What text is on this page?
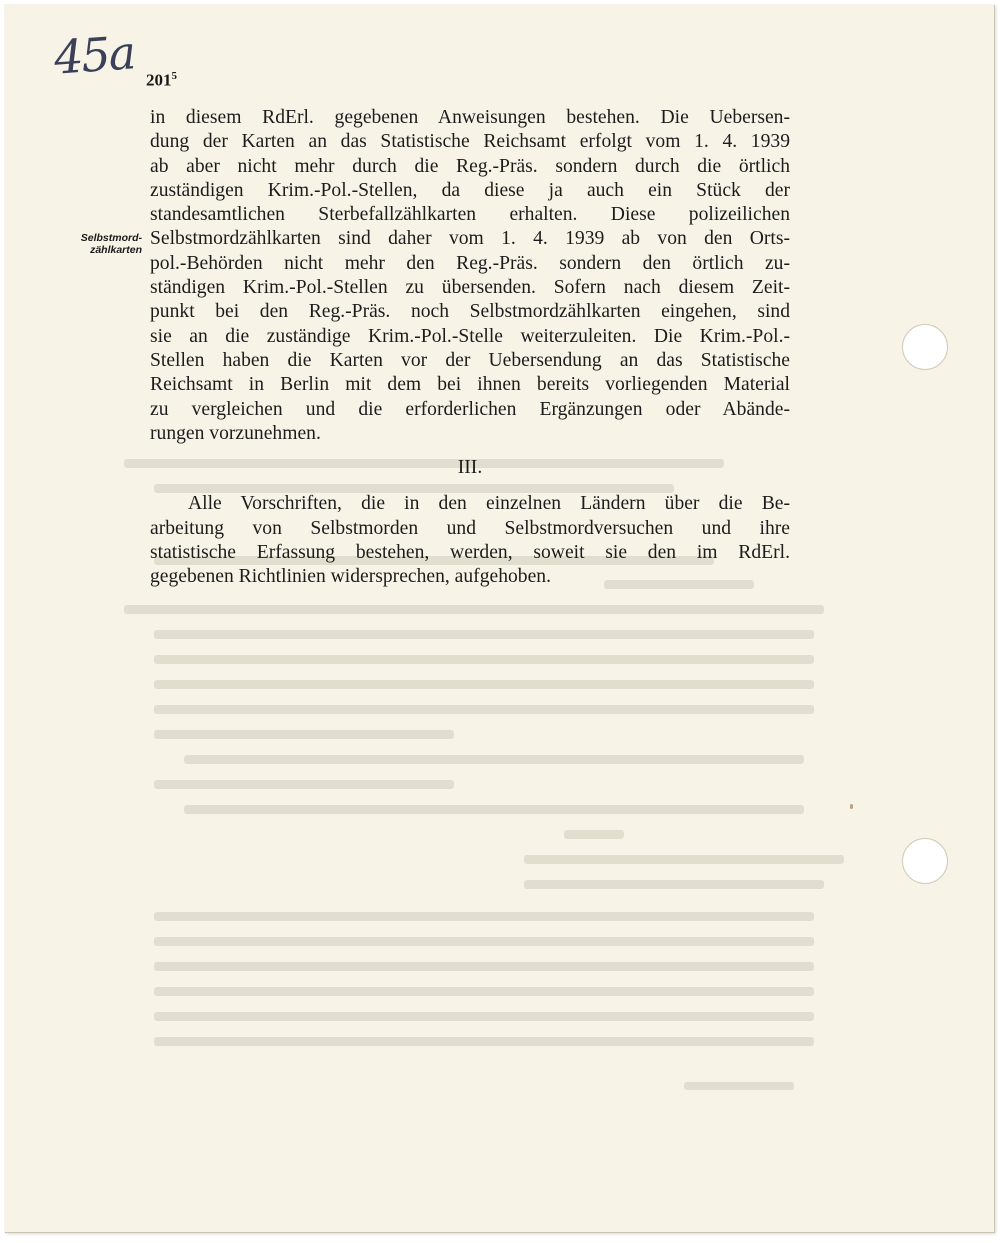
45a $201^5$
Selbstmord-
zählkarten

in diesem RdErl. gegebenen Anweisungen bestehen. Die Uebersen-
dung der Karten an das Statistische Reichsamt erfolgt vom 1. 4. 1939
ab aber nicht mehr durch die Reg.-Präs. sondern durch die örtlich
zuständigen Krim.-Pol.-Stellen, da diese ja auch ein Stück der
standesamtlichen Sterbefallzählkarten erhalten. Diese polizeilichen
Selbstmordzählkarten sind daher vom 1. 4. 1939 ab von den Orts-
pol.-Behörden nicht mehr den Reg.-Präs. sondern den örtlich zu-
ständigen Krim.-Pol.-Stellen zu übersenden. Sofern nach diesem Zeit-
punkt bei den Reg.-Präs. noch Selbstmordzählkarten eingehen, sind
sie an die zuständige Krim.-Pol.-Stelle weiterzuleiten. Die Krim.-Pol.-
Stellen haben die Karten vor der Uebersendung an das Statistische
Reichsamt in Berlin mit dem bei ihnen bereits vorliegenden Material
zu vergleichen und die erforderlichen Ergänzungen oder Abände-
rungen vorzunehmen.

III.

Alle Vorschriften, die in den einzelnen Ländern über die Be-
arbeitung von Selbstmorden und Selbstmordversuchen und ihre
statistische Erfassung bestehen, werden, soweit sie den im RdErl.
gegebenen Richtlinien widersprechen, aufgehoben.
